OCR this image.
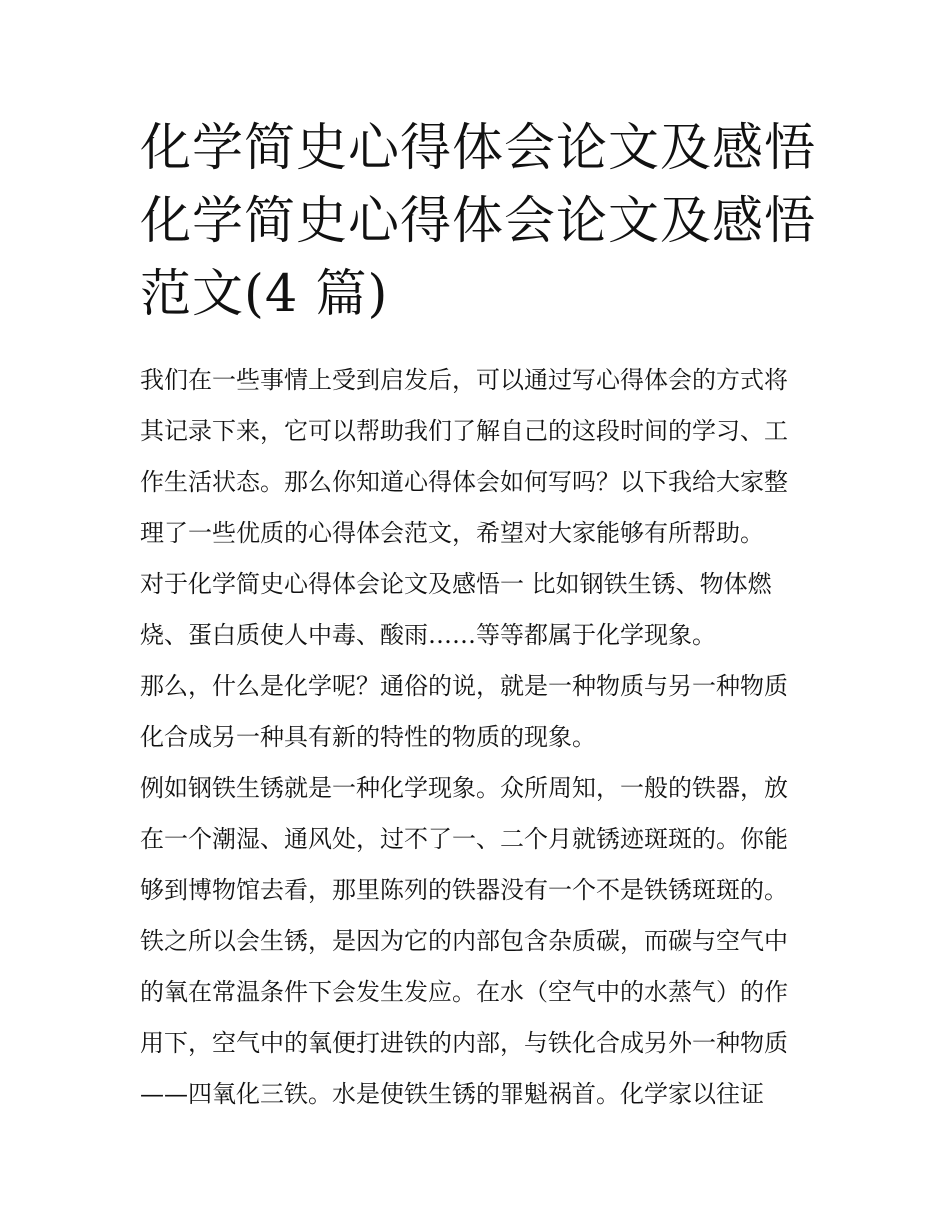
化学简史心得体会论文及感悟
化学简史心得体会论文及感悟
范文(4 篇)
我们在一些事情上受到启发后，可以通过写心得体会的方式将
其记录下来，它可以帮助我们了解自己的这段时间的学习、工
作生活状态。那么你知道心得体会如何写吗？以下我给大家整
理了一些优质的心得体会范文，希望对大家能够有所帮助。
对于化学简史心得体会论文及感悟一 比如钢铁生锈、物体燃
烧、蛋白质使人中毒、酸雨……等等都属于化学现象。
那么，什么是化学呢？通俗的说，就是一种物质与另一种物质
化合成另一种具有新的特性的物质的现象。
例如钢铁生锈就是一种化学现象。众所周知，一般的铁器，放
在一个潮湿、通风处，过不了一、二个月就锈迹斑斑的。你能
够到博物馆去看，那里陈列的铁器没有一个不是铁锈斑斑的。
铁之所以会生锈，是因为它的内部包含杂质碳，而碳与空气中
的氧在常温条件下会发生发应。在水（空气中的水蒸气）的作
用下，空气中的氧便打进铁的内部，与铁化合成另外一种物质
——四氧化三铁。水是使铁生锈的罪魁祸首。化学家以往证
